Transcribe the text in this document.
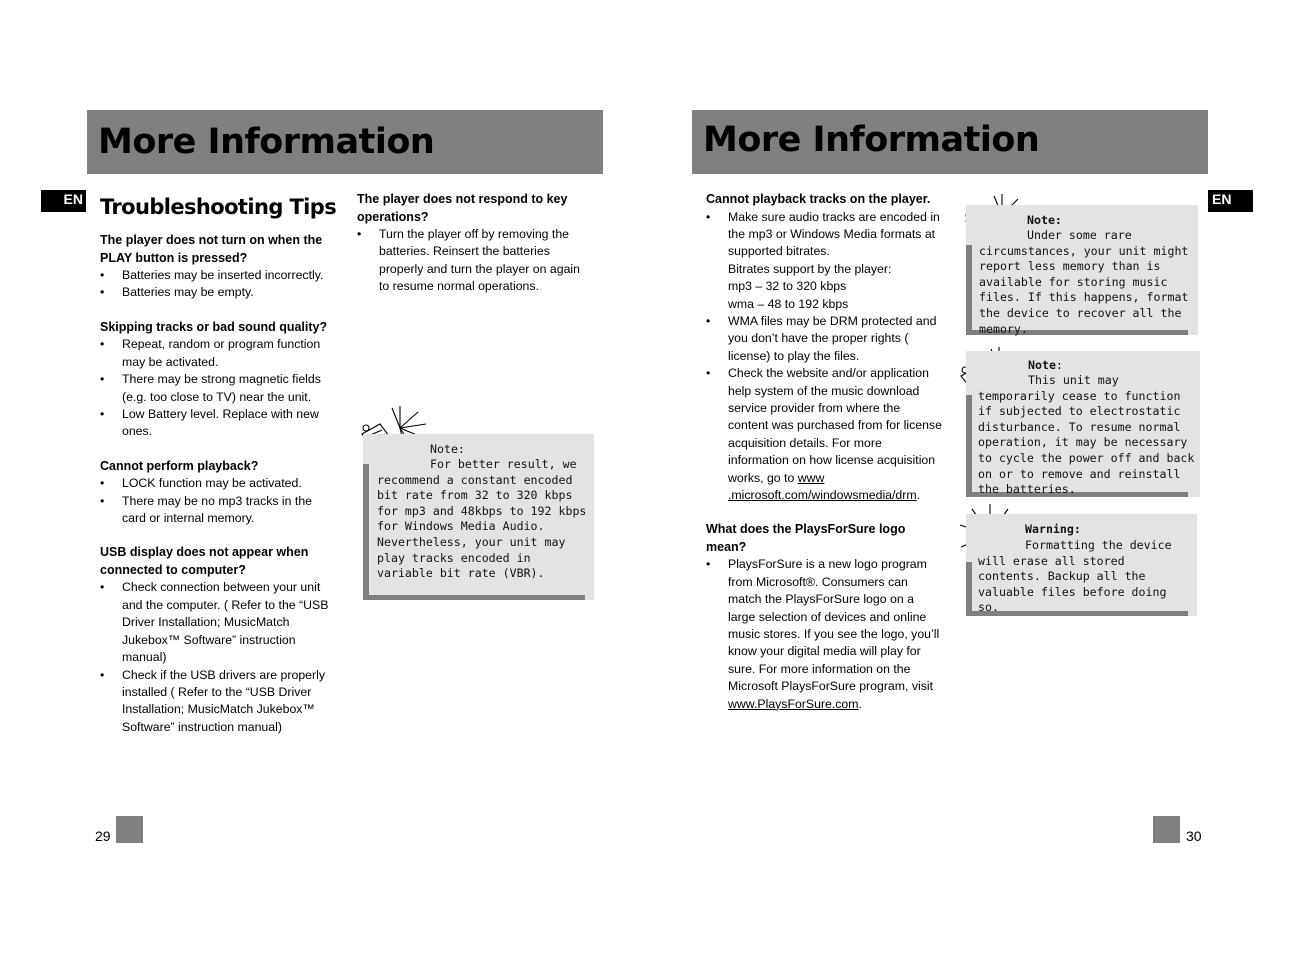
More Information
EN Troubleshooting Tips
The player does not turn on when the PLAY button is pressed?
• Batteries may be inserted incorrectly.
• Batteries may be empty.
Skipping tracks or bad sound quality?
• Repeat, random or program function may be activated.
• There may be strong magnetic fields (e.g. too close to TV) near the unit.
• Low Battery level. Replace with new ones.
Cannot perform playback?
• LOCK function may be activated.
• There may be no mp3 tracks in the card or internal memory.
USB display does not appear when connected to computer?
• Check connection between your unit and the computer. ( Refer to the “USB Driver Installation; MusicMatch Jukebox™ Software” instruction manual)
• Check if the USB drivers are properly installed ( Refer to the “USB Driver Installation; MusicMatch Jukebox™ Software” instruction manual)
The player does not respond to key operations?
• Turn the player off by removing the batteries. Reinsert the batteries properly and turn the player on again to resume normal operations.
Note:
For better result, we recommend a constant encoded bit rate from 32 to 320 kbps for mp3 and 48kbps to 192 kbps for Windows Media Audio. Nevertheless, your unit may play tracks encoded in variable bit rate (VBR).
29
More Information
EN
Cannot playback tracks on the player.
• Make sure audio tracks are encoded in the mp3 or Windows Media formats at supported bitrates.
Bitrates support by the player:
mp3 – 32 to 320 kbps
wma – 48 to 192 kbps
• WMA files may be DRM protected and you don’t have the proper rights ( license) to play the files.
• Check the website and/or application help system of the music download service provider from where the content was purchased from for license acquisition details. For more information on how license acquisition works, go to www .microsoft.com/windowsmedia/drm.
What does the PlaysForSure logo mean?
• PlaysForSure is a new logo program from Microsoft®. Consumers can match the PlaysForSure logo on a large selection of devices and online music stores. If you see the logo, you’ll know your digital media will play for sure. For more information on the Microsoft PlaysForSure program, visit www.PlaysForSure.com.
Note:
Under some rare circumstances, your unit might report less memory than is available for storing music files. If this happens, format the device to recover all the memory.
Note:
This unit may temporarily cease to function if subjected to electrostatic disturbance. To resume normal operation, it may be necessary to cycle the power off and back on or to remove and reinstall the batteries.
Warning:
Formatting the device will erase all stored contents. Backup all the valuable files before doing so.
30
